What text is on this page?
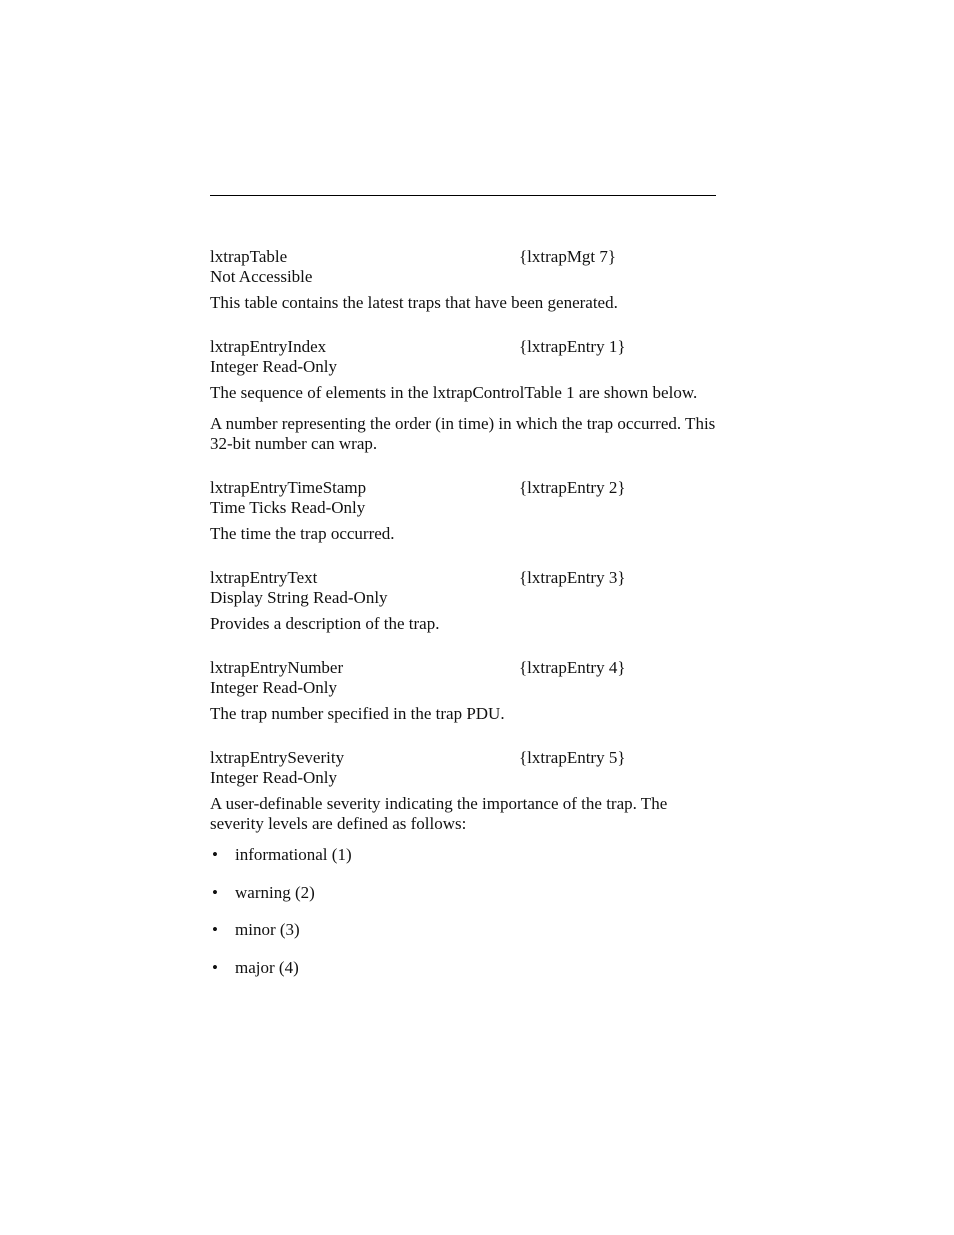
lxtrapTable	{lxtrapMgt 7}
Not Accessible

This table contains the latest traps that have been generated.

lxtrapEntryIndex	{lxtrapEntry 1}
Integer Read-Only

The sequence of elements in the lxtrapControlTable 1 are shown below.

A number representing the order (in time) in which the trap occurred. This 32-bit number can wrap.

lxtrapEntryTimeStamp	{lxtrapEntry 2}
Time Ticks Read-Only

The time the trap occurred.

lxtrapEntryText	{lxtrapEntry 3}
Display String Read-Only

Provides a description of the trap.

lxtrapEntryNumber	{lxtrapEntry 4}
Integer Read-Only

The trap number specified in the trap PDU.

lxtrapEntrySeverity	{lxtrapEntry 5}
Integer Read-Only

A user-definable severity indicating the importance of the trap. The severity levels are defined as follows:

• informational (1)
• warning (2)
• minor (3)
• major (4)
